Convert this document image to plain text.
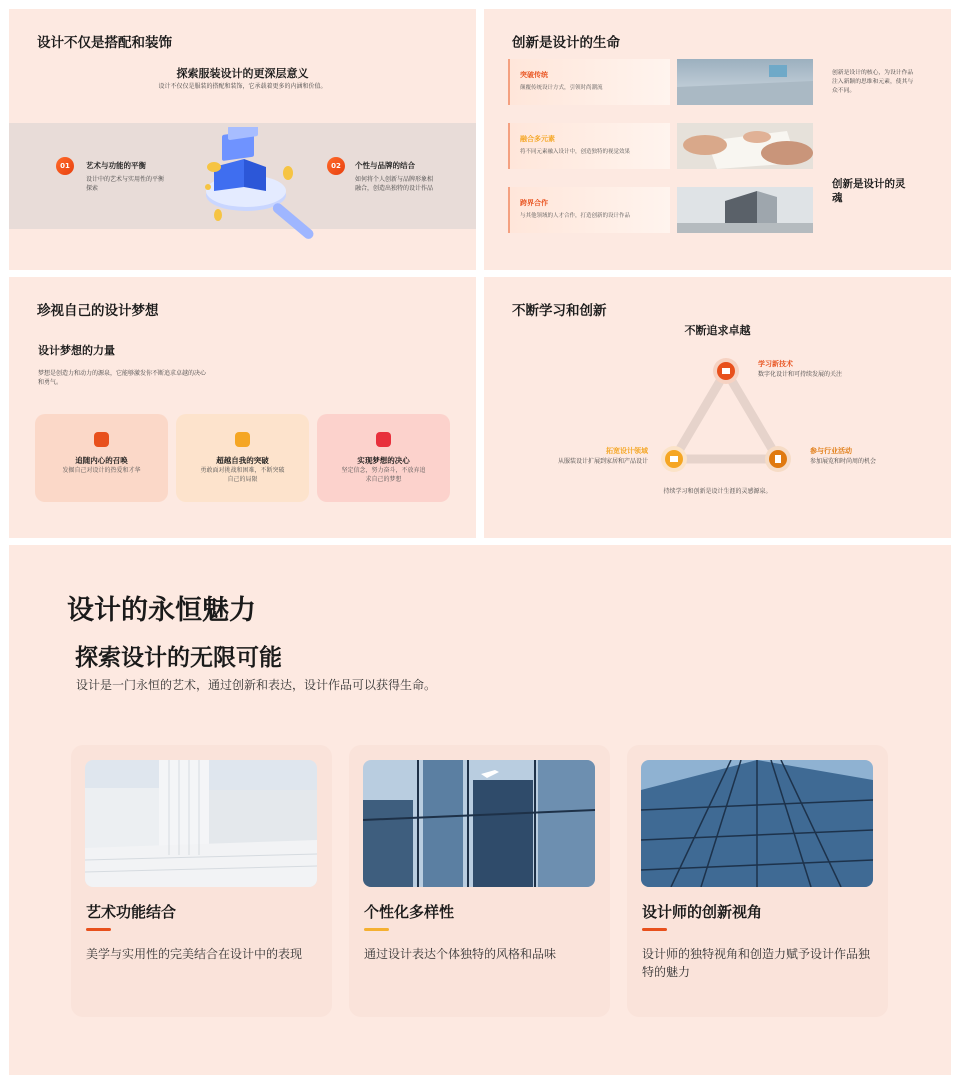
设计不仅是搭配和装饰
探索服装设计的更深层意义
设计不仅仅是服装的搭配和装饰，它承载着更多的内涵和价值。
01	艺术与功能的平衡
设计中的艺术与实用性的平衡
探索
02	个性与品牌的结合
如何将个人创新与品牌形象相
融合，创造出独特的设计作品
创新是设计的生命
突破传统
颠覆传统设计方式，引领时尚潮流
融合多元素
将不同元素融入设计中，创造独特的视觉效果
跨界合作
与其他领域的人才合作，打造创新的设计作品
创新是设计的核心，为设计作品
注入新颖的思维和元素，使其与
众不同。
创新是设计的灵
魂
珍视自己的设计梦想
设计梦想的力量
梦想是创造力和动力的源泉，它能够激发你不断追求卓越的决心
和勇气。
追随内心的召唤
发掘自己对设计的热爱和才华
超越自我的突破
勇敢面对挑战和困难，不断突破
自己的局限
实现梦想的决心
坚定信念，努力奋斗，不放弃追
求自己的梦想
不断学习和创新
不断追求卓越
学习新技术
数字化设计和可持续发展的关注
拓宽设计领域
从服装设计扩展到家居和产品设计
参与行业活动
参加展览和时尚周的机会
持续学习和创新是设计生涯的灵感源泉。
设计的永恒魅力
探索设计的无限可能
设计是一门永恒的艺术，通过创新和表达，设计作品可以获得生命。
艺术功能结合
美学与实用性的完美结合在设计中的表现
个性化多样性
通过设计表达个体独特的风格和品味
设计师的创新视角
设计师的独特视角和创造力赋予设计作品独特的魅力
